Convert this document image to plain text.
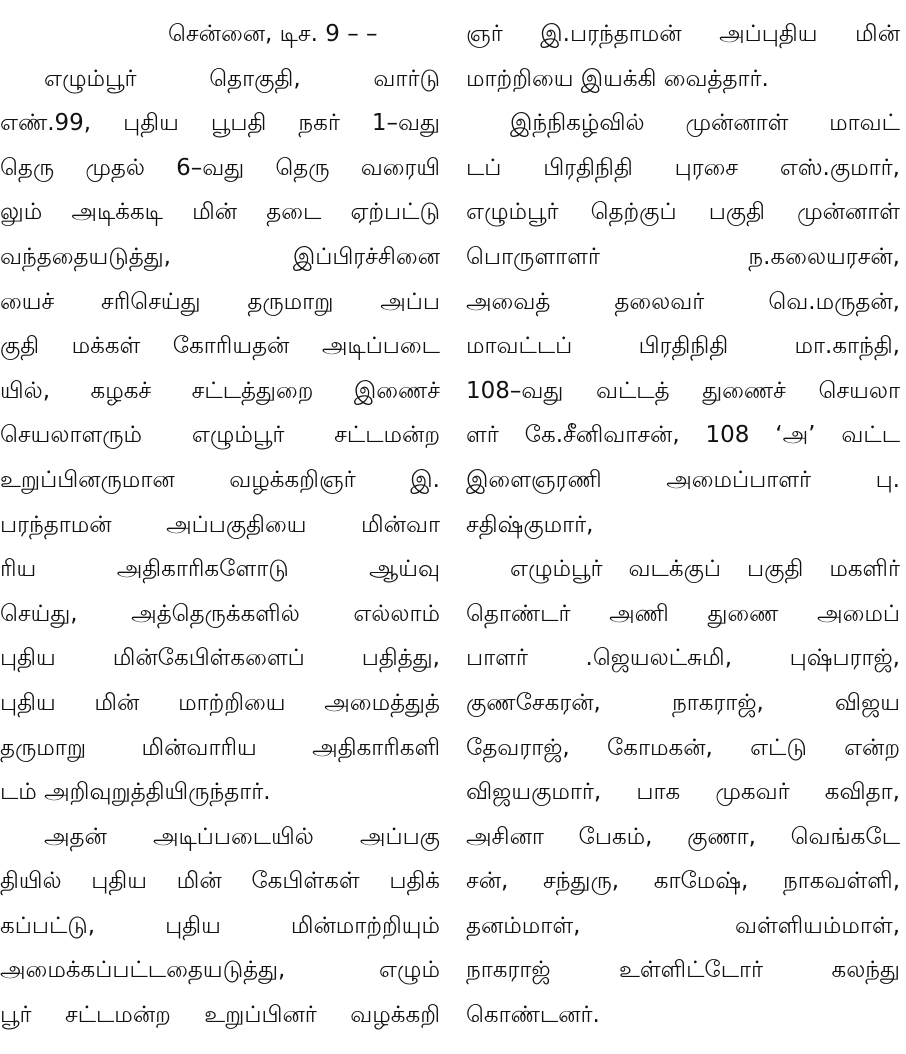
சென்னை, டிச. 9 – –
எழும்பூர் தொகுதி, வார்டு
எண்.99, புதிய பூபதி நகர் 1–வது
தெரு முதல் 6–வது தெரு வரையி
லும் அடிக்கடி மின் தடை ஏற்பட்டு
வந்ததையடுத்து, இப்பிரச்சினை
யைச் சரிசெய்து தருமாறு அப்ப
குதி மக்கள் கோரியதன் அடிப்படை
யில், கழகச் சட்டத்துறை இணைச்
செயலாளரும் எழும்பூர் சட்டமன்ற
உறுப்பினருமான வழக்கறிஞர் இ.
பரந்தாமன் அப்பகுதியை மின்வா
ரிய அதிகாரிகளோடு ஆய்வு
செய்து, அத்தெருக்களில் எல்லாம்
புதிய மின்கேபிள்களைப் பதித்து,
புதிய மின் மாற்றியை அமைத்துத்
தருமாறு மின்வாரிய அதிகாரிகளி
டம் அறிவுறுத்தியிருந்தார்.
அதன் அடிப்படையில் அப்பகு
தியில் புதிய மின் கேபிள்கள் பதிக்
கப்பட்டு, புதிய மின்மாற்றியும்
அமைக்கப்பட்டதையடுத்து, எழும்
பூர் சட்டமன்ற உறுப்பினர் வழக்கறி
ஞர் இ.பரந்தாமன் அப்புதிய மின்
மாற்றியை இயக்கி வைத்தார்.
இந்நிகழ்வில் முன்னாள் மாவட்
டப் பிரதிநிதி புரசை எஸ்.குமார்,
எழும்பூர் தெற்குப் பகுதி முன்னாள்
பொருளாளர் ந.கலையரசன்,
அவைத் தலைவர் வெ.மருதன்,
மாவட்டப் பிரதிநிதி மா.காந்தி,
108–வது வட்டத் துணைச் செயலா
ளர் கே.சீனிவாசன், 108 ‘அ’ வட்ட
இளைஞரணி அமைப்பாளர் பு.
சதிஷ்குமார்,
எழும்பூர் வடக்குப் பகுதி மகளிர்
தொண்டர் அணி துணை அமைப்
பாளர் .ஜெயலட்சுமி, புஷ்பராஜ்,
குணசேகரன், நாகராஜ், விஜய
தேவராஜ், கோமகன், எட்டு என்ற
விஜயகுமார், பாக முகவர் கவிதா,
அசினா பேகம், குணா, வெங்கடே
சன், சந்துரு, காமேஷ், நாகவள்ளி,
தனம்மாள், வள்ளியம்மாள்,
நாகராஜ் உள்ளிட்டோர் கலந்து
கொண்டனர்.
